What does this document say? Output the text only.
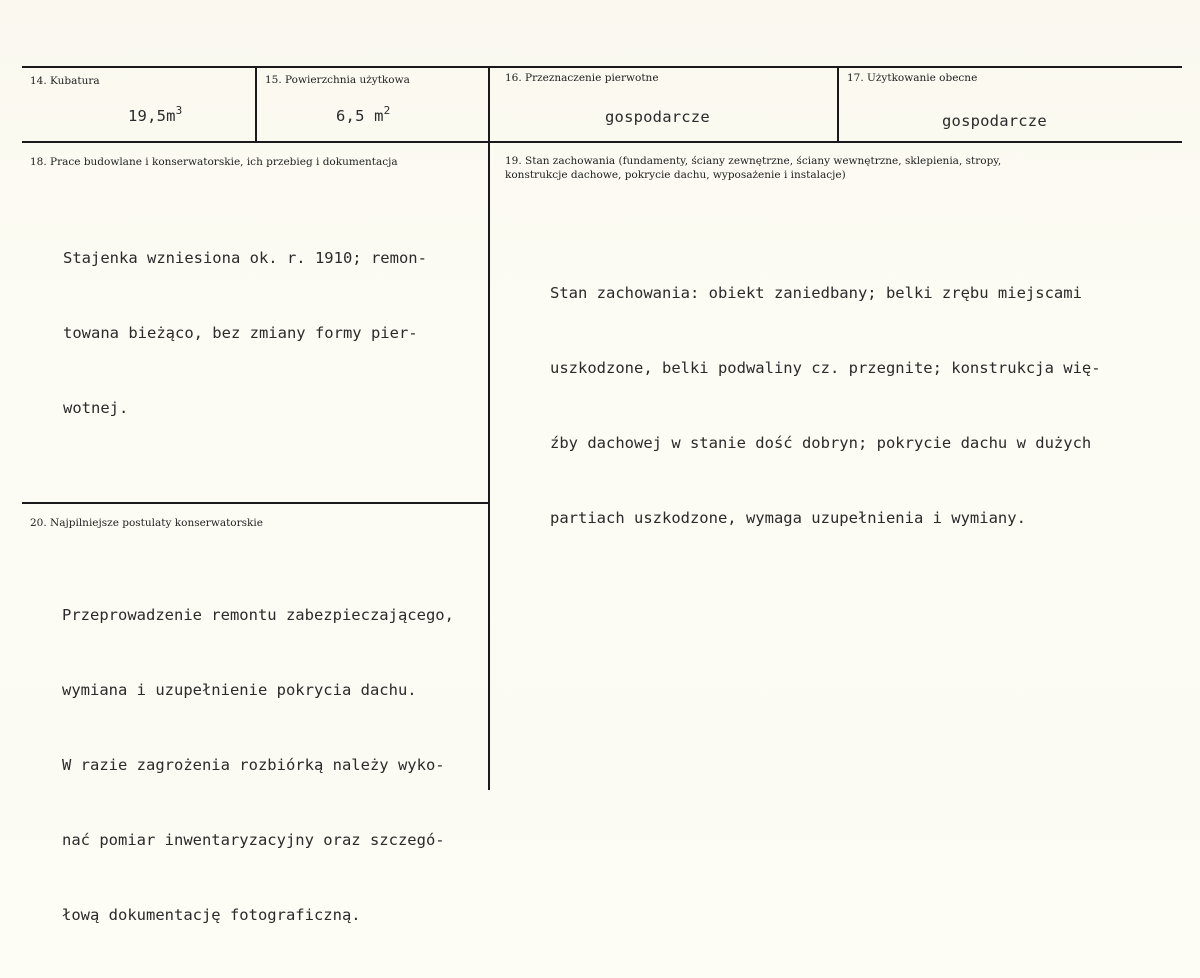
14. Kubatura
$19,5m^3$
15. Powierzchnia użytkowa
6,5 $m^2$
16. Przeznaczenie pierwotne
gospodarcze
17. Użytkowanie obecne
gospodarcze
18. Prace budowlane i konserwatorskie, ich przebieg i dokumentacja

Stajenka wzniesiona ok. r. 1910; remon-

towana bieżąco, bez zmiany formy pier-

wotnej.

19. Stan zachowania (fundamenty, ściany zewnętrzne, ściany wewnętrzne, sklepienia, stropy,
konstrukcje dachowe, pokrycie dachu, wyposażenie i instalacje)

Stan zachowania: obiekt zaniedbany; belki zrębu miejscami

uszkodzone, belki podwaliny cz. przegnite; konstrukcja wię-

źby dachowej w stanie dość dobryn; pokrycie dachu w dużych

partiach uszkodzone, wymaga uzupełnienia i wymiany.

20. Najpilniejsze postulaty konserwatorskie

Przeprowadzenie remontu zabezpieczającego,

wymiana i uzupełnienie pokrycia dachu.

W razie zagrożenia rozbiórką należy wyko-

nać pomiar inwentaryzacyjny oraz szczegó-

łową dokumentację fotograficzną.
